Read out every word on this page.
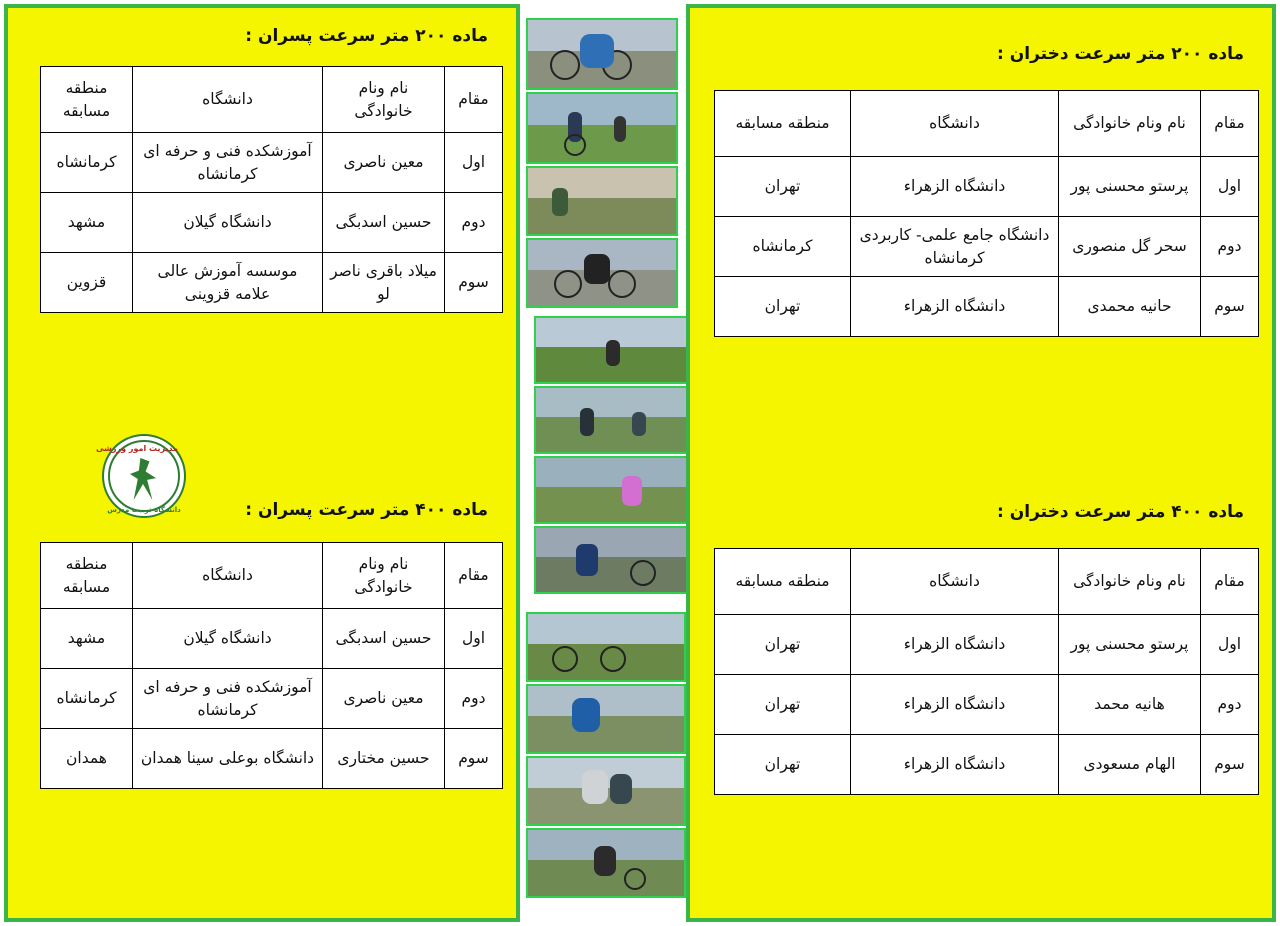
ماده ۲۰۰ متر سرعت پسران :
مقام	نام ونام خانوادگی	دانشگاه	منطقه مسابقه
اول	معین ناصری	آموزشکده فنی و حرفه ای کرمانشاه	کرمانشاه
دوم	حسین اسدبگی	دانشگاه گیلان	مشهد
سوم	میلاد باقری ناصر لو	موسسه آموزش عالی علامه قزوینی	قزوین
مدیریت امور ورزشی
دانشگاه تربیت مدرس	ماده ۴۰۰ متر سرعت پسران :
مقام	نام ونام خانوادگی	دانشگاه	منطقه مسابقه
اول	حسین اسدبگی	دانشگاه گیلان	مشهد
دوم	معین ناصری	آموزشکده فنی و حرفه ای کرمانشاه	کرمانشاه
سوم	حسین مختاری	دانشگاه بوعلی سینا همدان	همدان
ماده ۲۰۰ متر سرعت دختران :
مقام	نام ونام خانوادگی	دانشگاه	منطقه مسابقه
اول	پرستو محسنی پور	دانشگاه الزهراء	تهران
دوم	سحر گل منصوری	دانشگاه جامع علمی- کاربردی کرمانشاه	کرمانشاه
سوم	حانیه محمدی	دانشگاه الزهراء	تهران
ماده ۴۰۰ متر سرعت دختران :
مقام	نام ونام خانوادگی	دانشگاه	منطقه مسابقه
اول	پرستو محسنی پور	دانشگاه الزهراء	تهران
دوم	هانیه محمد	دانشگاه الزهراء	تهران
سوم	الهام مسعودی	دانشگاه الزهراء	تهران
